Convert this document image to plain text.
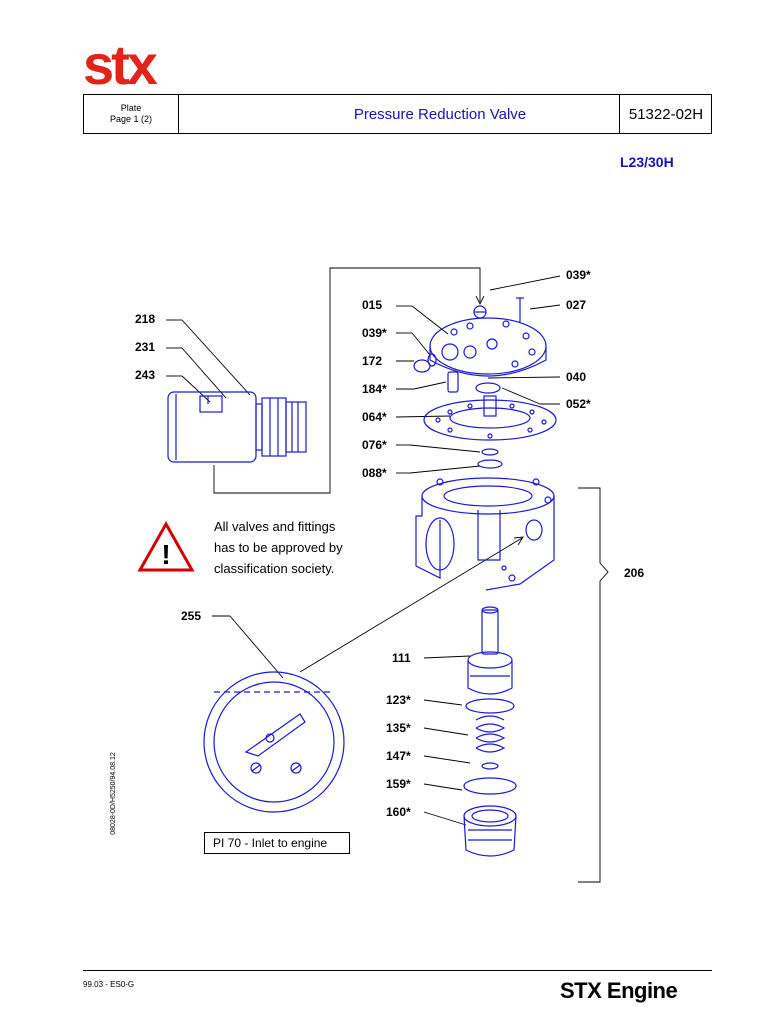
stx
Plate
Page 1 (2)	Pressure Reduction Valve	51322-02H
L23/30H
!
218
231
243
015
039*
172
184*
064*
076*
088*
039*
027
040
052*
206
255
111
123*
135*
147*
159*
160*
All valves and fittings
has to be approved by
classification society.
PI 70 - Inlet to engine
08028-0D/H5250/94.08.12
99.03 - ES0-G	STX Engine
